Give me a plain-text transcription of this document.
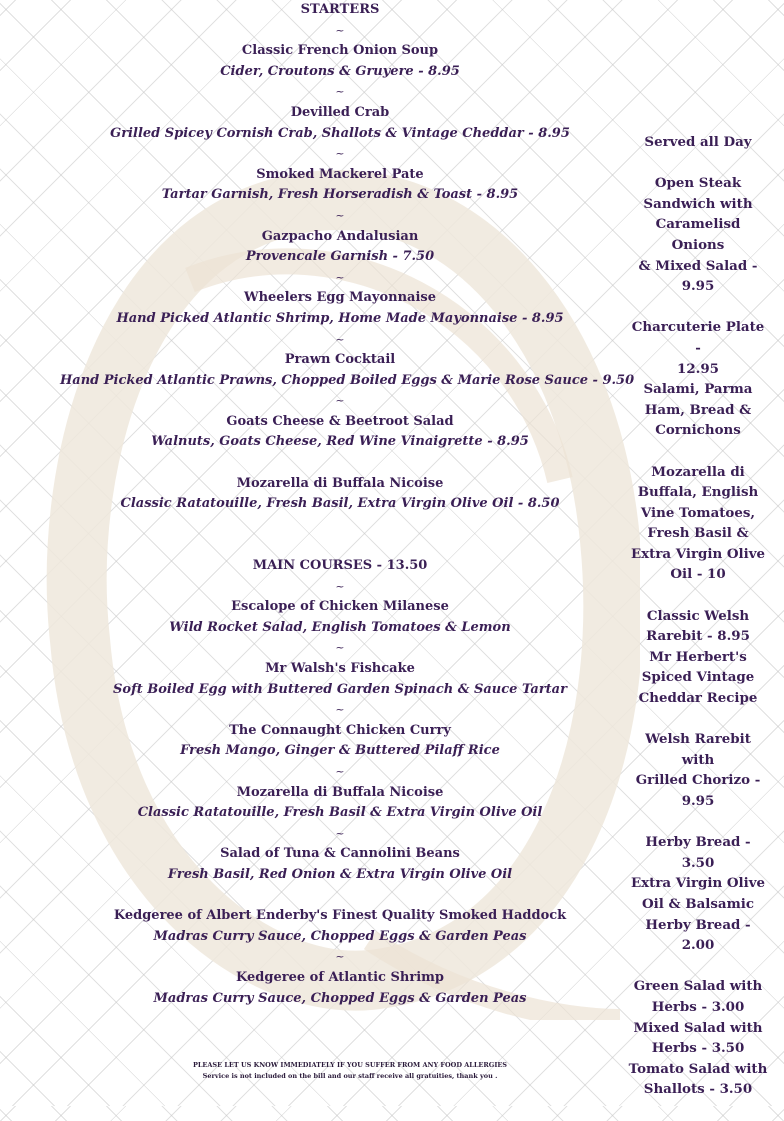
STARTERS
~
Classic French Onion Soup
Cider, Croutons & Gruyere - 8.95
~
Devilled Crab
Grilled Spicey Cornish Crab, Shallots & Vintage Cheddar - 8.95
~
Smoked Mackerel Pate
Tartar Garnish, Fresh Horseradish & Toast - 8.95
~
Gazpacho Andalusian
Provencale Garnish - 7.50
~
Wheelers Egg Mayonnaise
Hand Picked Atlantic Shrimp, Home Made Mayonnaise - 8.95
~
Prawn Cocktail
Hand Picked Atlantic Prawns, Chopped Boiled Eggs & Marie Rose Sauce - 9.50
~
Goats Cheese & Beetroot Salad
Walnuts, Goats Cheese, Red Wine Vinaigrette - 8.95
Mozarella di Buffala Nicoise
Classic Ratatouille, Fresh Basil, Extra Virgin Olive Oil - 8.50
MAIN COURSES - 13.50
~
Escalope of Chicken Milanese
Wild Rocket Salad, English Tomatoes & Lemon
~
Mr Walsh's Fishcake
Soft Boiled Egg with Buttered Garden Spinach & Sauce Tartar
~
The Connaught Chicken Curry
Fresh Mango, Ginger & Buttered Pilaff Rice
~
Mozarella di Buffala Nicoise
Classic Ratatouille, Fresh Basil & Extra Virgin Olive Oil
~
Salad of Tuna & Cannolini Beans
Fresh Basil, Red Onion & Extra Virgin Olive Oil
Kedgeree of Albert Enderby's Finest Quality Smoked Haddock
Madras Curry Sauce, Chopped Eggs & Garden Peas
~
Kedgeree of Atlantic Shrimp
Madras Curry Sauce, Chopped Eggs & Garden Peas
Served all Day
Open Steak
Sandwich with
Caramelisd Onions
& Mixed Salad -
9.95
Charcuterie Plate -
12.95
Salami, Parma
Ham, Bread &
Cornichons
Mozarella di
Buffala, English
Vine Tomatoes,
Fresh Basil &
Extra Virgin Olive
Oil - 10
Classic Welsh
Rarebit - 8.95
Mr Herbert's
Spiced Vintage
Cheddar Recipe
Welsh Rarebit with
Grilled Chorizo -
9.95
Herby Bread - 3.50
Extra Virgin Olive
Oil & Balsamic
Herby Bread - 2.00
Green Salad with
Herbs - 3.00
Mixed Salad with
Herbs - 3.50
Tomato Salad with
Shallots - 3.50
PLEASE LET US KNOW IMMEDIATELY IF YOU SUFFER FROM ANY FOOD ALLERGIES
Service is not included on the bill and our staff receive all gratuities, thank you .
